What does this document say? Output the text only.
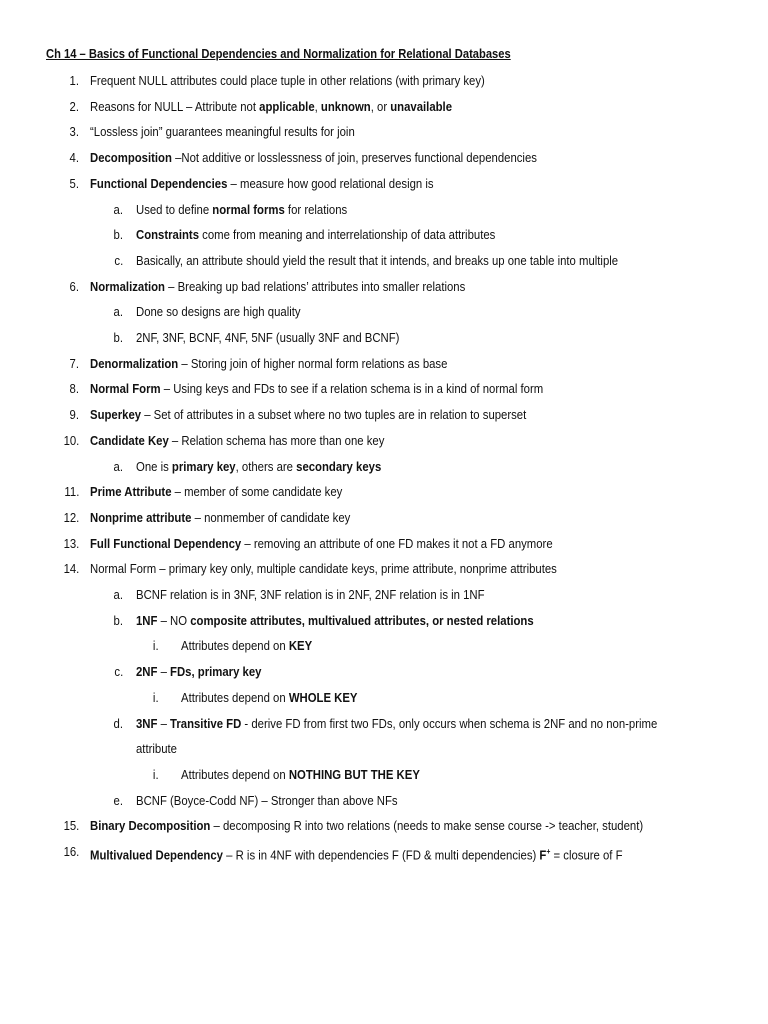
Ch 14 – Basics of Functional Dependencies and Normalization for Relational Databases
1. Frequent NULL attributes could place tuple in other relations (with primary key)
2. Reasons for NULL – Attribute not applicable, unknown, or unavailable
3. “Lossless join” guarantees meaningful results for join
4. Decomposition –Not additive or losslessness of join, preserves functional dependencies
5. Functional Dependencies – measure how good relational design is
a. Used to define normal forms for relations
b. Constraints come from meaning and interrelationship of data attributes
c. Basically, an attribute should yield the result that it intends, and breaks up one table into multiple
6. Normalization – Breaking up bad relations’ attributes into smaller relations
a. Done so designs are high quality
b. 2NF, 3NF, BCNF, 4NF, 5NF (usually 3NF and BCNF)
7. Denormalization – Storing join of higher normal form relations as base
8. Normal Form – Using keys and FDs to see if a relation schema is in a kind of normal form
9. Superkey – Set of attributes in a subset where no two tuples are in relation to superset
10. Candidate Key – Relation schema has more than one key
a. One is primary key, others are secondary keys
11. Prime Attribute – member of some candidate key
12. Nonprime attribute – nonmember of candidate key
13. Full Functional Dependency – removing an attribute of one FD makes it not a FD anymore
14. Normal Form – primary key only, multiple candidate keys, prime attribute, nonprime attributes
a. BCNF relation is in 3NF, 3NF relation is in 2NF, 2NF relation is in 1NF
b. 1NF – NO composite attributes, multivalued attributes, or nested relations
i. Attributes depend on KEY
c. 2NF – FDs, primary key
i. Attributes depend on WHOLE KEY
d. 3NF – Transitive FD - derive FD from first two FDs, only occurs when schema is 2NF and no non-prime
attribute
i. Attributes depend on NOTHING BUT THE KEY
e. BCNF (Boyce-Codd NF) – Stronger than above NFs
15. Binary Decomposition – decomposing R into two relations (needs to make sense course -> teacher, student)
16. Multivalued Dependency – R is in 4NF with dependencies F (FD & multi dependencies) F+ = closure of F
